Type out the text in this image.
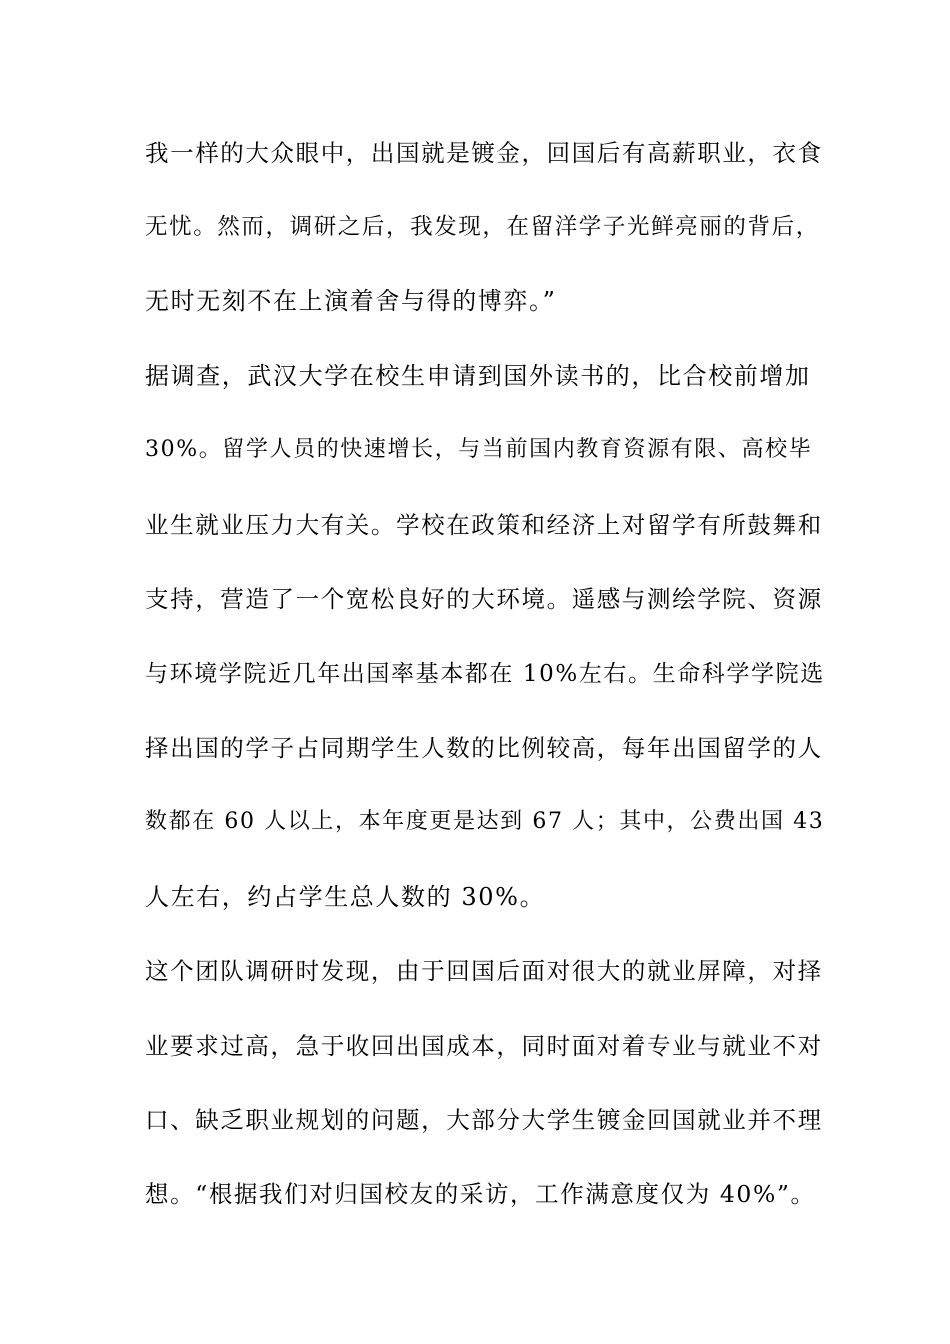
我一样的大众眼中，出国就是镀金，回国后有高薪职业，衣食
无忧。然而，调研之后，我发现，在留洋学子光鲜亮丽的背后，
无时无刻不在上演着舍与得的博弈。”
据调查，武汉大学在校生申请到国外读书的，比合校前增加
30%。留学人员的快速增长，与当前国内教育资源有限、高校毕
业生就业压力大有关。学校在政策和经济上对留学有所鼓舞和
支持，营造了一个宽松良好的大环境。遥感与测绘学院、资源
与环境学院近几年出国率基本都在 10%左右。生命科学学院选
择出国的学子占同期学生人数的比例较高，每年出国留学的人
数都在 60 人以上，本年度更是达到 67 人；其中，公费出国 43
人左右，约占学生总人数的 30%。
这个团队调研时发现，由于回国后面对很大的就业屏障，对择
业要求过高，急于收回出国成本，同时面对着专业与就业不对
口、缺乏职业规划的问题，大部分大学生镀金回国就业并不理
想。“根据我们对归国校友的采访，工作满意度仅为 40%”。
